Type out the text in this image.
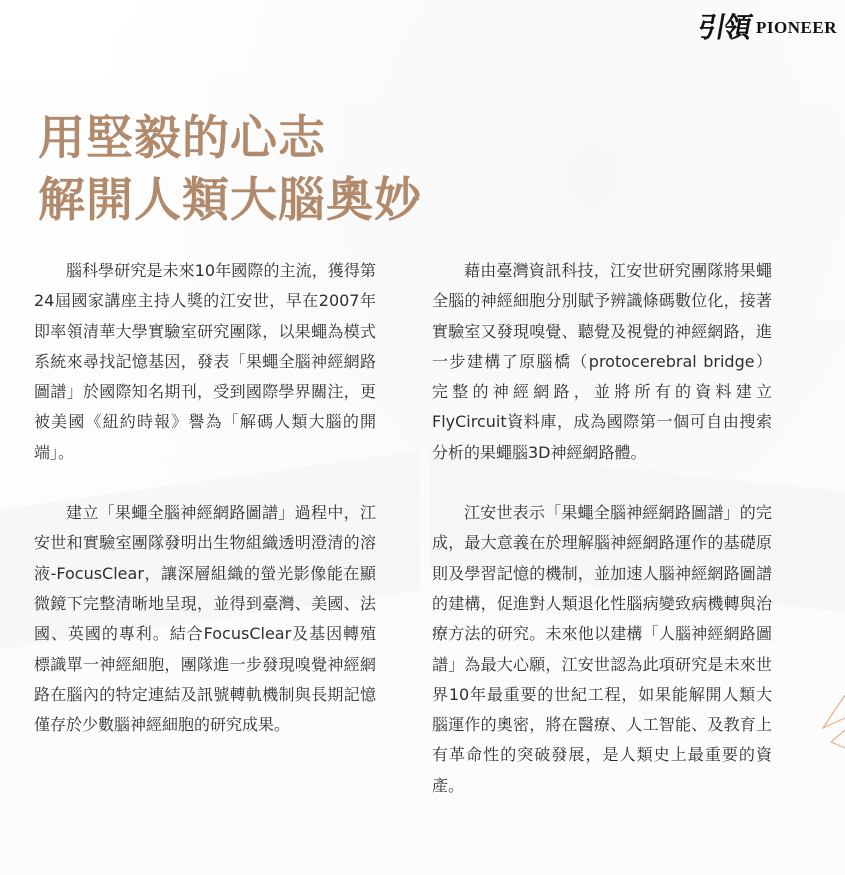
引領 PIONEER
用堅毅的心志
解開人類大腦奧妙

腦科學研究是未來10年國際的主流，獲得第24屆國家講座主持人獎的江安世，早在2007年即率領清華大學實驗室研究團隊，以果蠅為模式系統來尋找記憶基因，發表「果蠅全腦神經網路圖譜」於國際知名期刊，受到國際學界關注，更被美國《紐約時報》譽為「解碼人類大腦的開端」。

建立「果蠅全腦神經網路圖譜」過程中，江安世和實驗室團隊發明出生物組織透明澄清的溶液-FocusClear，讓深層組織的螢光影像能在顯微鏡下完整清晰地呈現，並得到臺灣、美國、法國、英國的專利。結合FocusClear及基因轉殖標識單一神經細胞，團隊進一步發現嗅覺神經網路在腦內的特定連結及訊號轉軌機制與長期記憶僅存於少數腦神經細胞的研究成果。

藉由臺灣資訊科技，江安世研究團隊將果蠅全腦的神經細胞分別賦予辨識條碼數位化，接著實驗室又發現嗅覺、聽覺及視覺的神經網路，進一步建構了原腦橋（protocerebral bridge）完整的神經網路，並將所有的資料建立FlyCircuit資料庫，成為國際第一個可自由搜索分析的果蠅腦3D神經網路體。

江安世表示「果蠅全腦神經網路圖譜」的完成，最大意義在於理解腦神經網路運作的基礎原則及學習記憶的機制，並加速人腦神經網路圖譜的建構，促進對人類退化性腦病變致病機轉與治療方法的研究。未來他以建構「人腦神經網路圖譜」為最大心願，江安世認為此項研究是未來世界10年最重要的世紀工程，如果能解開人類大腦運作的奧密，將在醫療、人工智能、及教育上有革命性的突破發展，是人類史上最重要的資產。
